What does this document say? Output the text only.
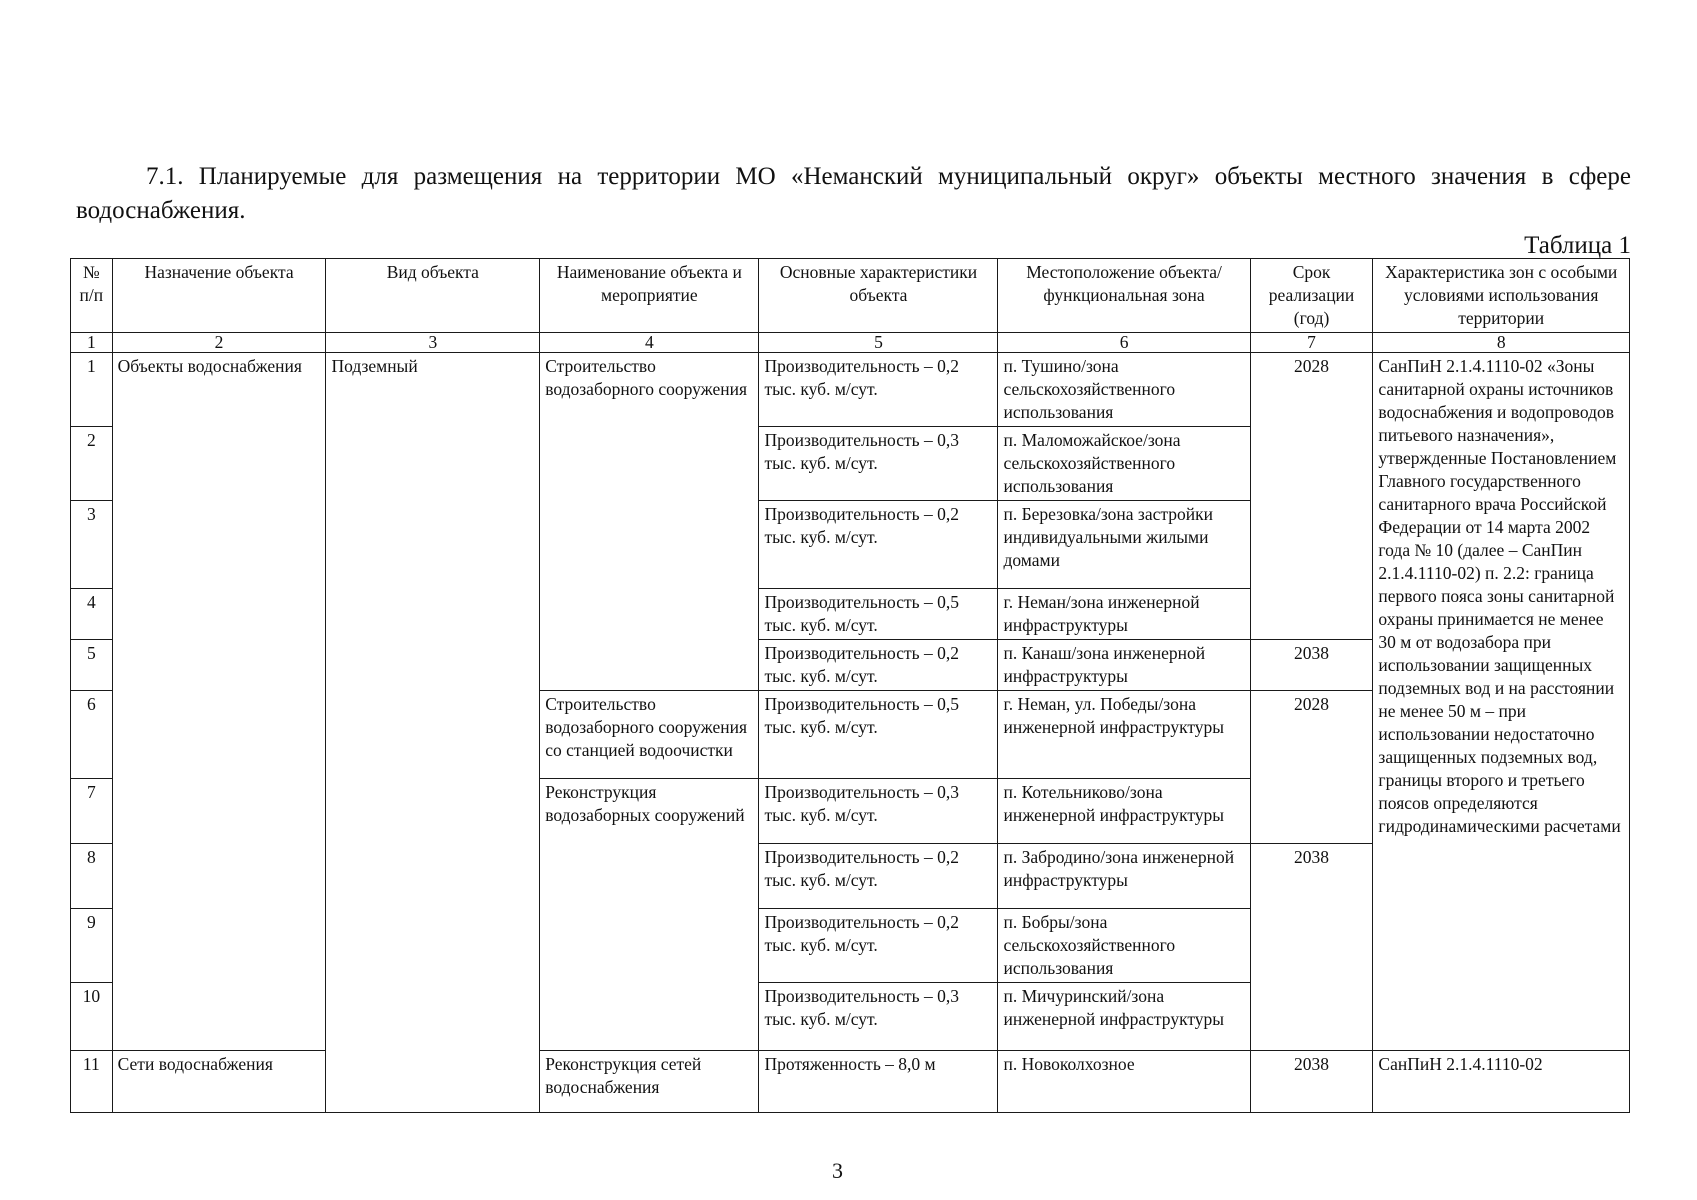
7.1. Планируемые для размещения на территории МО «Неманский муниципальный округ» объекты местного значения в сфере водоснабжения.
Таблица 1
№ п/п	Назначение объекта	Вид объекта	Наименование объекта и мероприятие	Основные характеристики объекта	Местоположение объекта/ функциональная зона	Срок реализации (год)	Характеристика зон с особыми условиями использования территории
1	2	3	4	5	6	7	8
1	Объекты водоснабжения	Подземный	Строительство водозаборного сооружения	Производительность – 0,2 тыс. куб. м/сут.	п. Тушино/зона сельскохозяйственного использования	2028	СанПиН 2.1.4.1110-02 «Зоны санитарной охраны источников водоснабжения и водопроводов питьевого назначения», утвержденные Постановлением Главного государственного санитарного врача Российской Федерации от 14 марта 2002 года № 10 (далее – СанПин 2.1.4.1110-02) п. 2.2: граница первого пояса зоны санитарной охраны принимается не менее 30 м от водозабора при использовании защищенных подземных вод и на расстоянии не менее 50 м – при использовании недостаточно защищенных подземных вод, границы второго и третьего поясов определяются гидродинамическими расчетами
2				Производительность – 0,3 тыс. куб. м/сут.	п. Маломожайское/зона сельскохозяйственного использования		
3				Производительность – 0,2 тыс. куб. м/сут.	п. Березовка/зона застройки индивидуальными жилыми домами		
4				Производительность – 0,5 тыс. куб. м/сут.	г. Неман/зона инженерной инфраструктуры		
5				Производительность – 0,2 тыс. куб. м/сут.	п. Канаш/зона инженерной инфраструктуры	2038	
6			Строительство водозаборного сооружения со станцией водоочистки	Производительность – 0,5 тыс. куб. м/сут.	г. Неман, ул. Победы/зона инженерной инфраструктуры	2028	
7			Реконструкция водозаборных сооружений	Производительность – 0,3 тыс. куб. м/сут.	п. Котельниково/зона инженерной инфраструктуры		
8				Производительность – 0,2 тыс. куб. м/сут.	п. Забродино/зона инженерной инфраструктуры	2038	
9				Производительность – 0,2 тыс. куб. м/сут.	п. Бобры/зона сельскохозяйственного использования		
10				Производительность – 0,3 тыс. куб. м/сут.	п. Мичуринский/зона инженерной инфраструктуры		
11	Сети водоснабжения		Реконструкция сетей водоснабжения	Протяженность – 8,0 м	п. Новоколхозное	2038	СанПиН 2.1.4.1110-02
3
